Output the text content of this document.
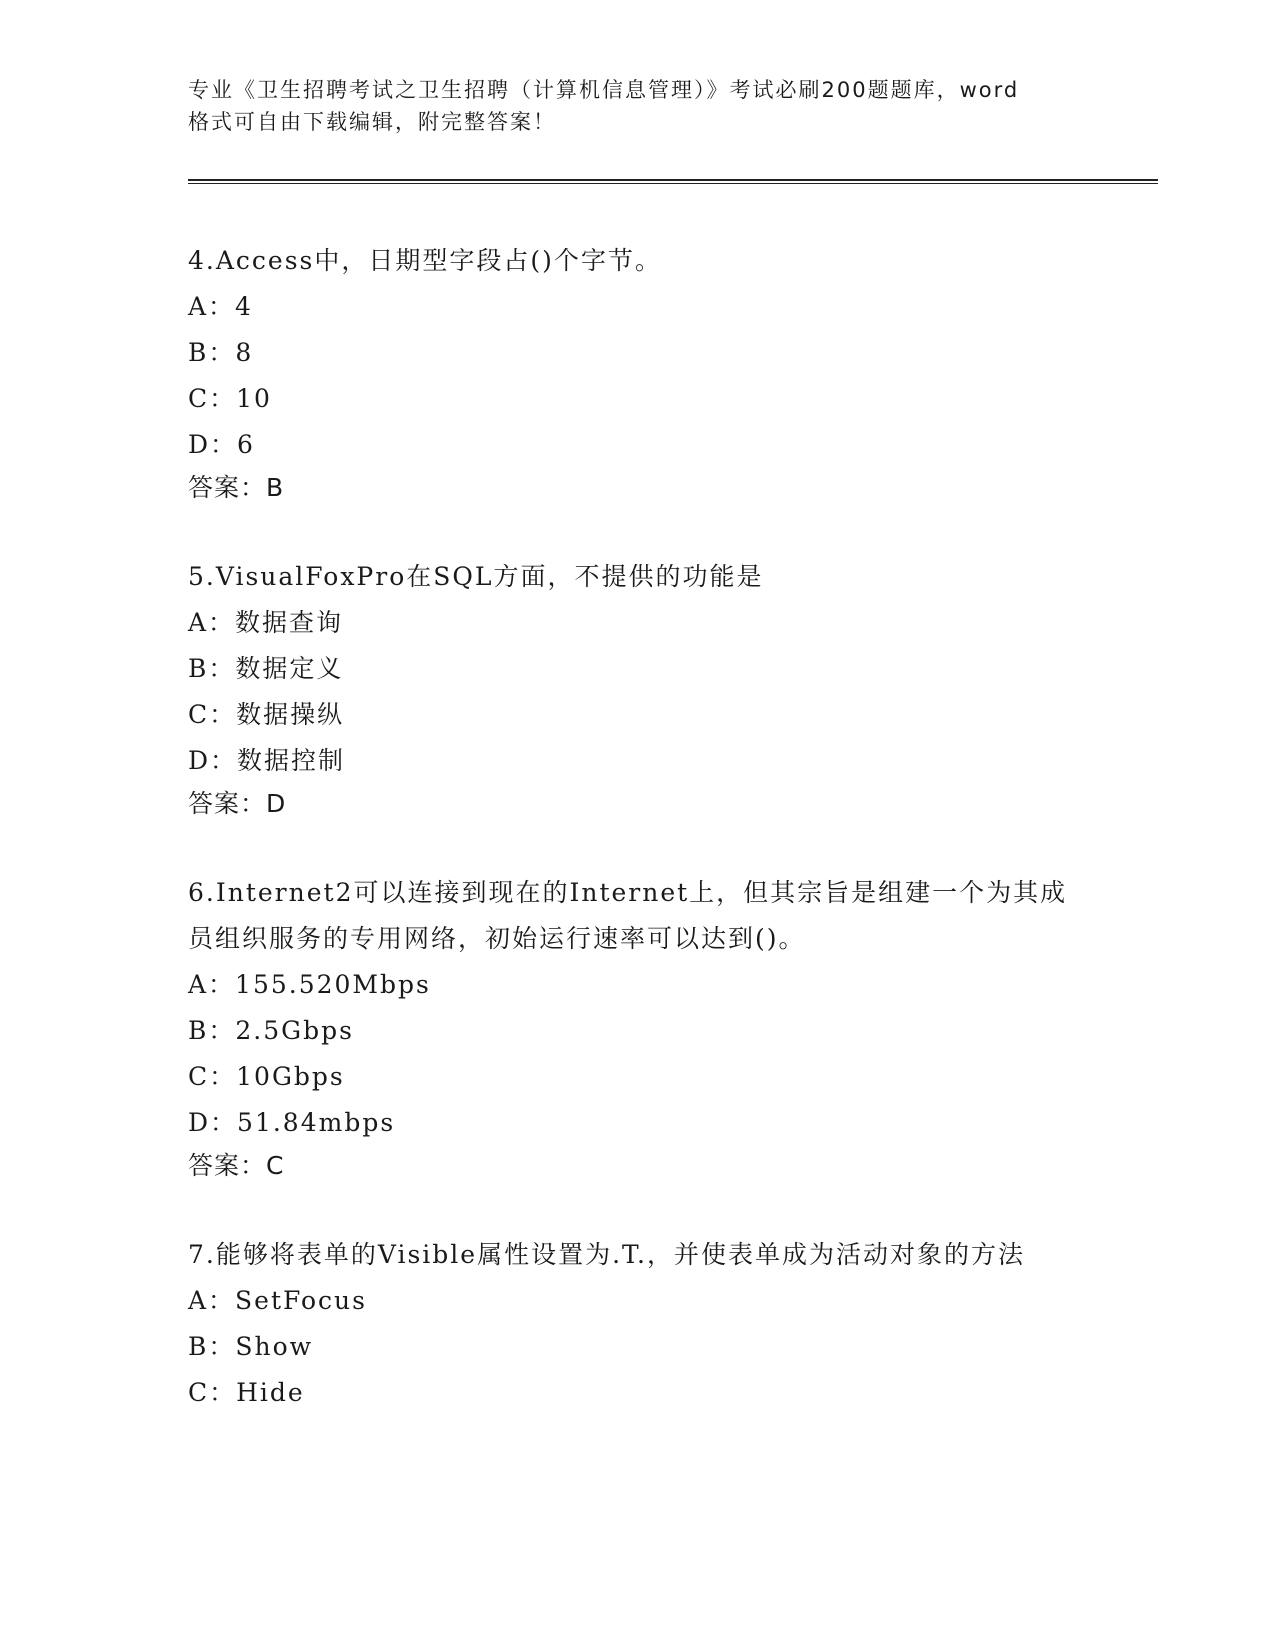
专业《卫生招聘考试之卫生招聘（计算机信息管理）》考试必刷200题题库，word
格式可自由下载编辑，附完整答案！
4.Access中，日期型字段占()个字节。
A：4
B：8
C：10
D：6
答案：B
5.VisualFoxPro在SQL方面，不提供的功能是
A：数据查询
B：数据定义
C：数据操纵
D：数据控制
答案：D
6.Internet2可以连接到现在的Internet上，但其宗旨是组建一个为其成员组织服务的专用网络，初始运行速率可以达到()。
A：155.520Mbps
B：2.5Gbps
C：10Gbps
D：51.84mbps
答案：C
7.能够将表单的Visible属性设置为.T.，并使表单成为活动对象的方法
A：SetFocus
B：Show
C：Hide
